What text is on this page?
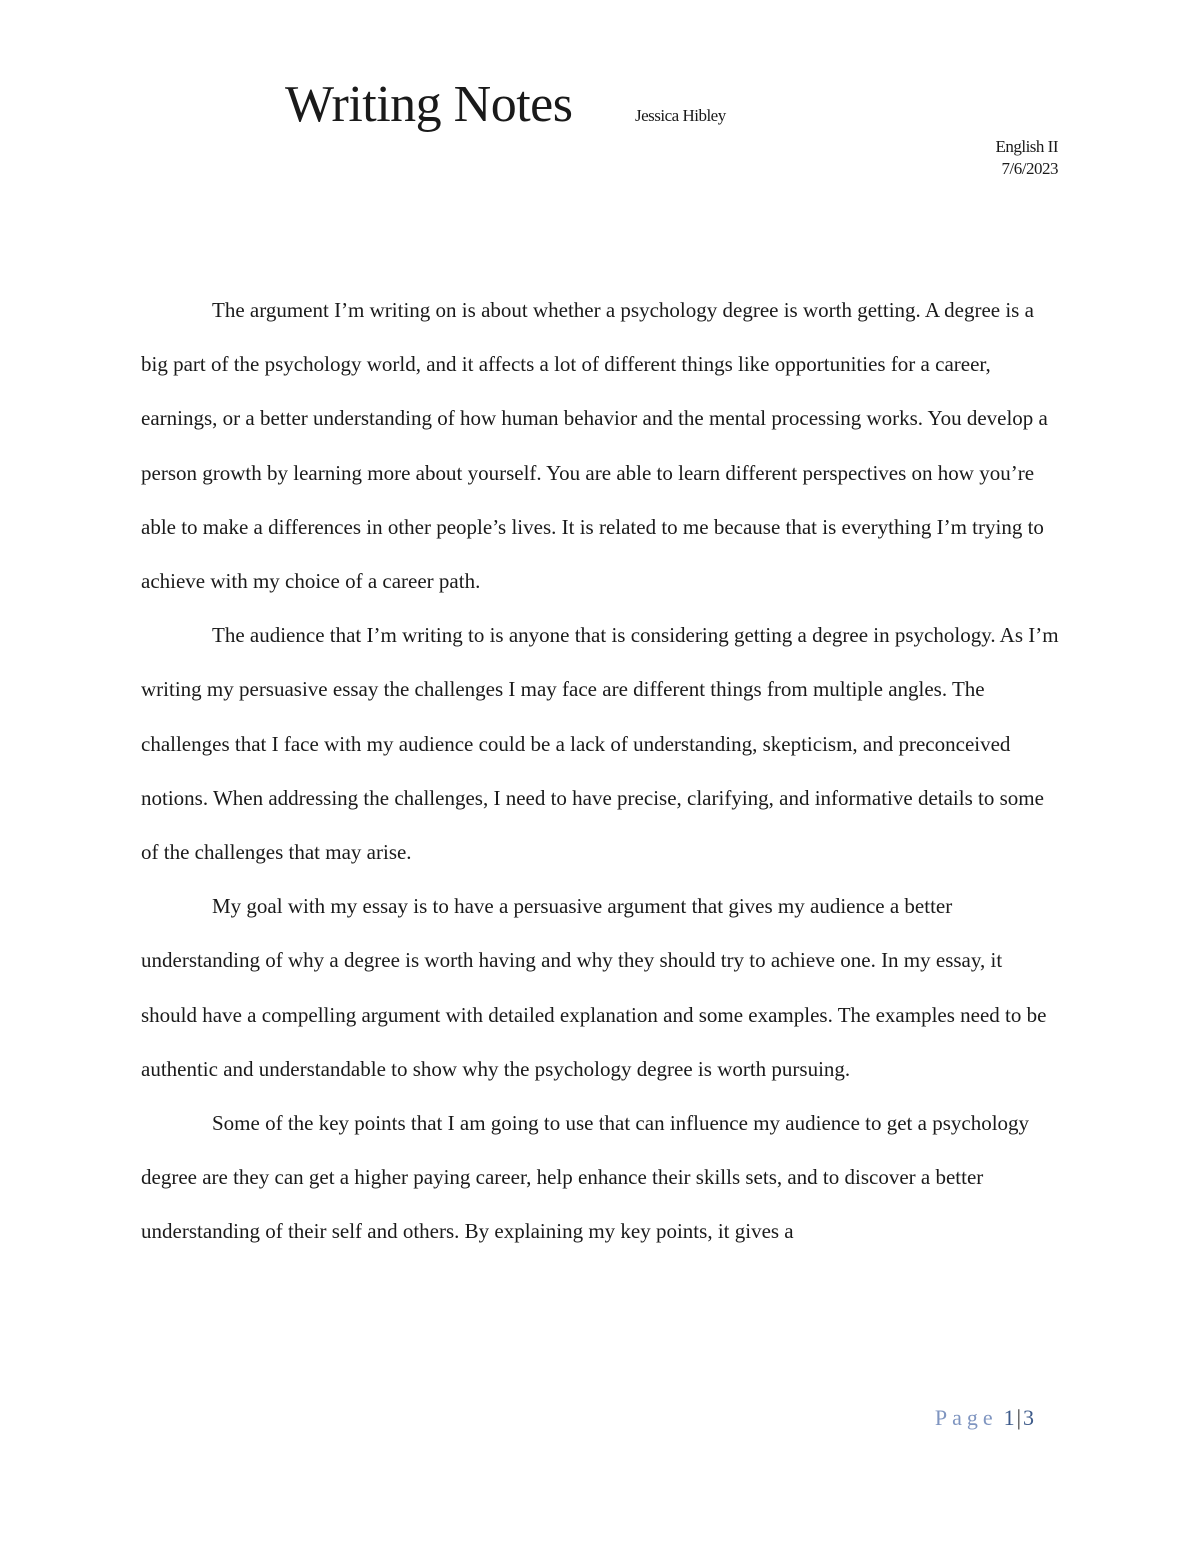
Writing Notes	Jessica Hibley
English II
7/6/2023

The argument I’m writing on is about whether a psychology degree is worth getting. A degree is a big part of the psychology world, and it affects a lot of different things like opportunities for a career, earnings, or a better understanding of how human behavior and the mental processing works. You develop a person growth by learning more about yourself. You are able to learn different perspectives on how you’re able to make a differences in other people’s lives. It is related to me because that is everything I’m trying to achieve with my choice of a career path.

The audience that I’m writing to is anyone that is considering getting a degree in psychology. As I’m writing my persuasive essay the challenges I may face are different things from multiple angles. The challenges that I face with my audience could be a lack of understanding, skepticism, and preconceived notions. When addressing the challenges, I need to have precise, clarifying, and informative details to some of the challenges that may arise.

My goal with my essay is to have a persuasive argument that gives my audience a better understanding of why a degree is worth having and why they should try to achieve one. In my essay, it should have a compelling argument with detailed explanation and some examples. The examples need to be authentic and understandable to show why the psychology degree is worth pursuing.

Some of the key points that I am going to use that can influence my audience to get a psychology degree are they can get a higher paying career, help enhance their skills sets, and to discover a better understanding of their self and others. By explaining my key points, it gives a

Page 1|3
